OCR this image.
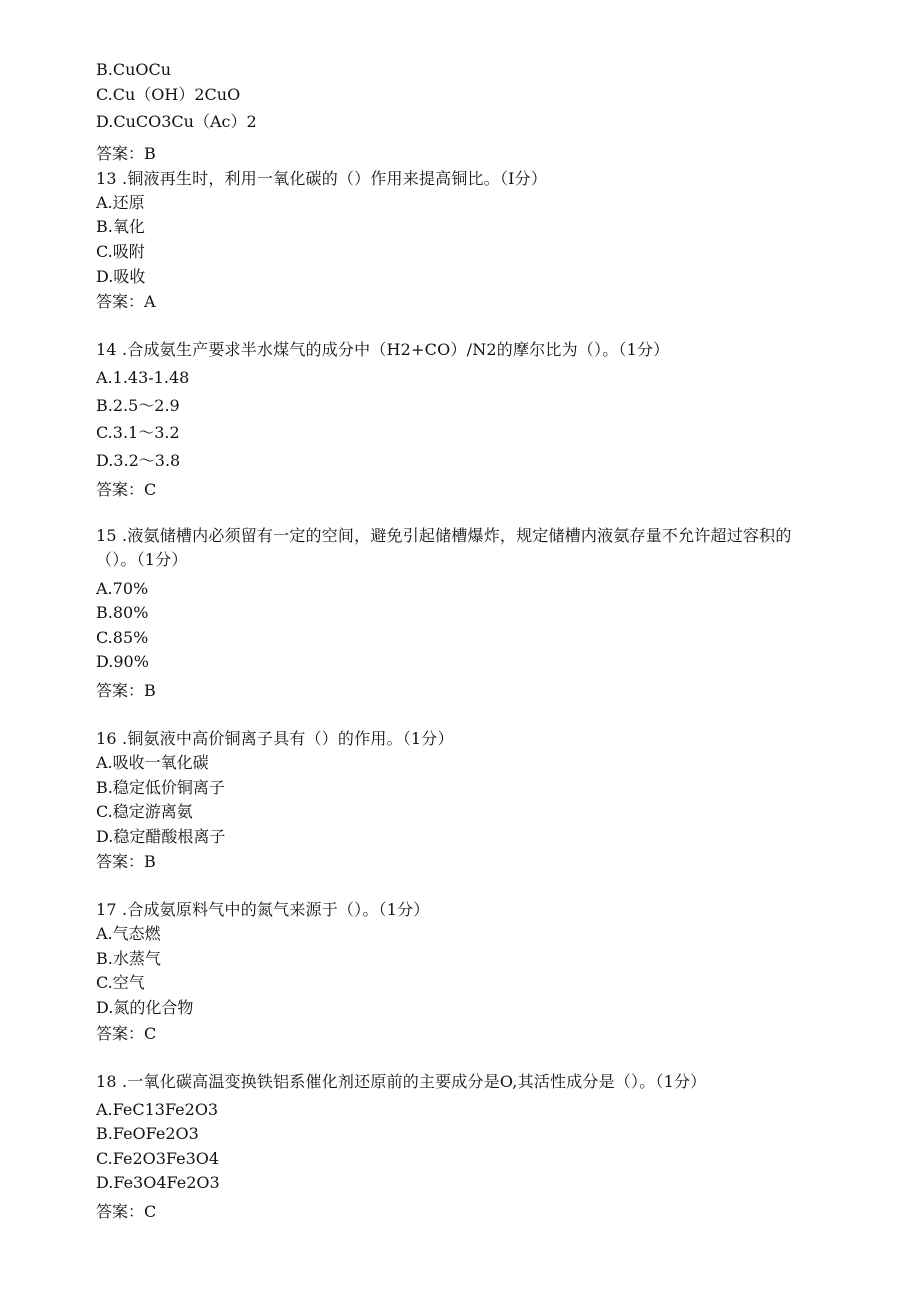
B.CuOCu
C.Cu（OH）2CuO
D.CuCO3Cu（Ac）2
答案：B
13 .铜液再生时，利用一氧化碳的（）作用来提高铜比。（I分）
A.还原
B.氧化
C.吸附
D.吸收
答案：A
14 .合成氨生产要求半水煤气的成分中（H2+CO）/N2的摩尔比为（）。（1分）
A.1.43-1.48
B.2.5～2.9
C.3.1～3.2
D.3.2～3.8
答案：C
15 .液氨储槽内必须留有一定的空间，避免引起储槽爆炸，规定储槽内液氨存量不允许超过容积的（）。（1分）
A.70%
B.80%
C.85%
D.90%
答案：B
16 .铜氨液中高价铜离子具有（）的作用。（1分）
A.吸收一氧化碳
B.稳定低价铜离子
C.稳定游离氨
D.稳定醋酸根离子
答案：B
17 .合成氨原料气中的氮气来源于（）。（1分）
A.气态燃
B.水蒸气
C.空气
D.氮的化合物
答案：C
18 .一氧化碳高温变换铁铝系催化剂还原前的主要成分是O,其活性成分是（）。（1分）
A.FeC13Fe2O3
B.FeOFe2O3
C.Fe2O3Fe3O4
D.Fe3O4Fe2O3
答案：C
